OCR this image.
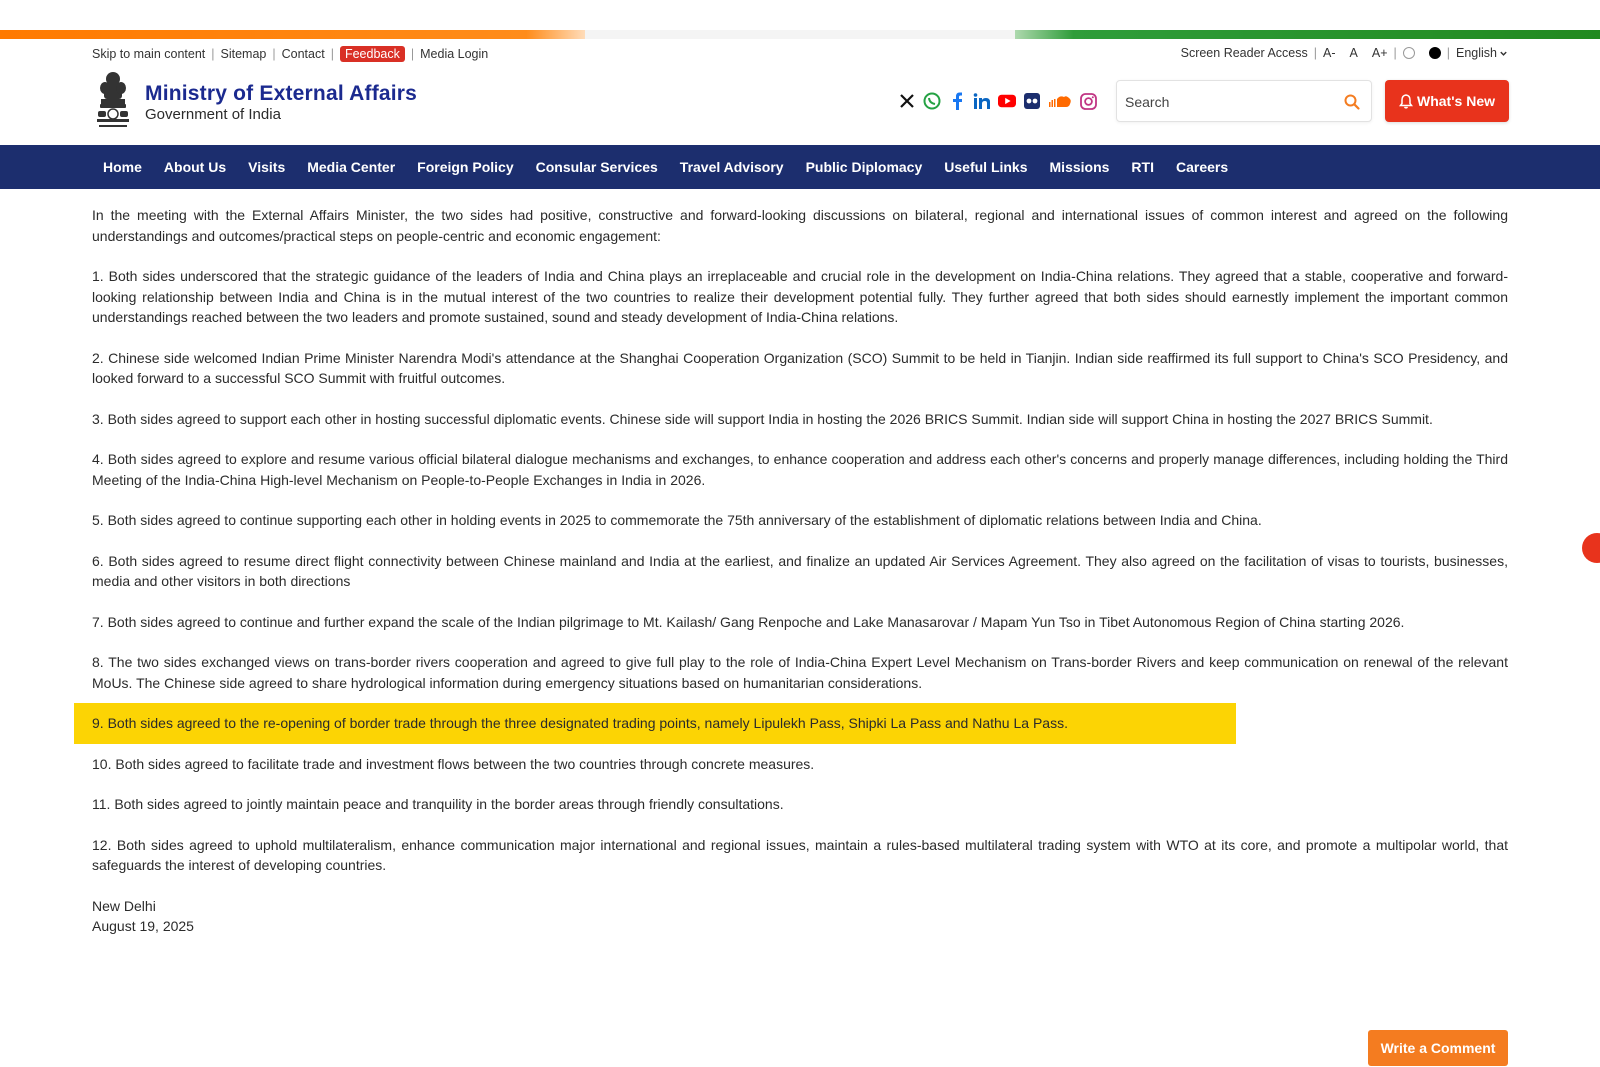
Skip to main content | Sitemap | Contact | Feedback | Media Login	Screen Reader Access | A- A A+ |	| English
Ministry of External Affairs
Government of India
Search
What's New
Home	About Us	Visits	Media Center	Foreign Policy	Consular Services	Travel Advisory	Public Diplomacy	Useful Links	Missions	RTI	Careers

In the meeting with the External Affairs Minister, the two sides had positive, constructive and forward-looking discussions on bilateral, regional and international issues of common interest and agreed on the following understandings and outcomes/practical steps on people-centric and economic engagement:

1. Both sides underscored that the strategic guidance of the leaders of India and China plays an irreplaceable and crucial role in the development on India-China relations. They agreed that a stable, cooperative and forward-looking relationship between India and China is in the mutual interest of the two countries to realize their development potential fully. They further agreed that both sides should earnestly implement the important common understandings reached between the two leaders and promote sustained, sound and steady development of India-China relations.

2. Chinese side welcomed Indian Prime Minister Narendra Modi's attendance at the Shanghai Cooperation Organization (SCO) Summit to be held in Tianjin. Indian side reaffirmed its full support to China's SCO Presidency, and looked forward to a successful SCO Summit with fruitful outcomes.

3. Both sides agreed to support each other in hosting successful diplomatic events. Chinese side will support India in hosting the 2026 BRICS Summit. Indian side will support China in hosting the 2027 BRICS Summit.

4. Both sides agreed to explore and resume various official bilateral dialogue mechanisms and exchanges, to enhance cooperation and address each other's concerns and properly manage differences, including holding the Third Meeting of the India-China High-level Mechanism on People-to-People Exchanges in India in 2026.

5. Both sides agreed to continue supporting each other in holding events in 2025 to commemorate the 75th anniversary of the establishment of diplomatic relations between India and China.

6. Both sides agreed to resume direct flight connectivity between Chinese mainland and India at the earliest, and finalize an updated Air Services Agreement. They also agreed on the facilitation of visas to tourists, businesses, media and other visitors in both directions

7. Both sides agreed to continue and further expand the scale of the Indian pilgrimage to Mt. Kailash/ Gang Renpoche and Lake Manasarovar / Mapam Yun Tso in Tibet Autonomous Region of China starting 2026.

8. The two sides exchanged views on trans-border rivers cooperation and agreed to give full play to the role of India-China Expert Level Mechanism on Trans-border Rivers and keep communication on renewal of the relevant MoUs. The Chinese side agreed to share hydrological information during emergency situations based on humanitarian considerations.

9. Both sides agreed to the re-opening of border trade through the three designated trading points, namely Lipulekh Pass, Shipki La Pass and Nathu La Pass.

10. Both sides agreed to facilitate trade and investment flows between the two countries through concrete measures.

11. Both sides agreed to jointly maintain peace and tranquility in the border areas through friendly consultations.

12. Both sides agreed to uphold multilateralism, enhance communication major international and regional issues, maintain a rules-based multilateral trading system with WTO at its core, and promote a multipolar world, that safeguards the interest of developing countries.

New Delhi

August 19, 2025

Write a Comment
